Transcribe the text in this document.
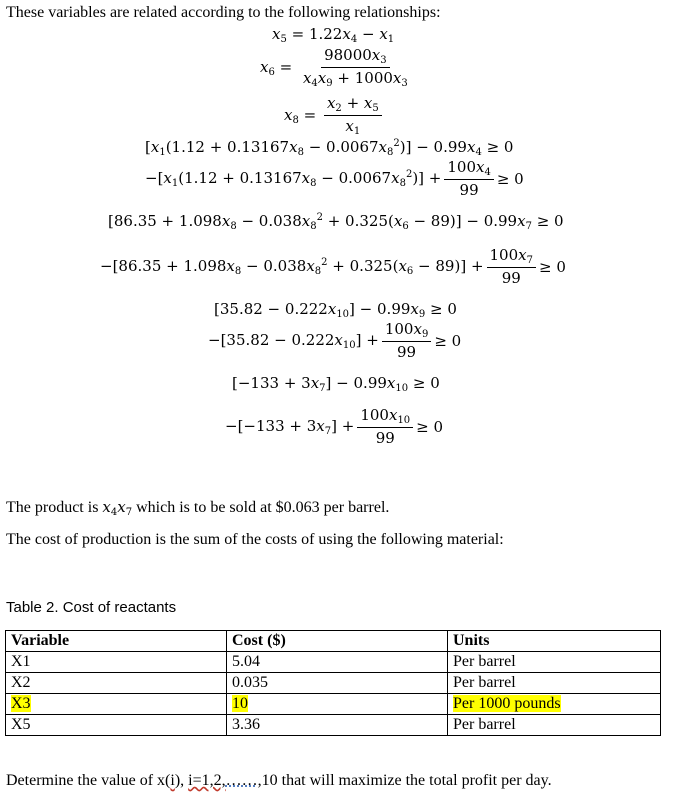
These variables are related according to the following relationships:
$x_5 = 1.22x_4 - x_1$
$x_6 = \frac{98000x_3}{x_4x_9 + 1000x_3}$
$x_8 = \frac{x_2 + x_5}{x_1}$
$[x_1(1.12 + 0.13167x_8 - 0.0067x_8^2)] - 0.99x_4 \ge 0$
$-[x_1(1.12 + 0.13167x_8 - 0.0067x_8^2)] + \frac{100x_4}{99} \ge 0$
$[86.35 + 1.098x_8 - 0.038x_8^2 + 0.325(x_6 - 89)] - 0.99x_7 \ge 0$
$-[86.35 + 1.098x_8 - 0.038x_8^2 + 0.325(x_6 - 89)] + \frac{100x_7}{99} \ge 0$
$[35.82 - 0.222x_{10}] - 0.99x_9 \ge 0$
$-[35.82 - 0.222x_{10}] + \frac{100x_9}{99} \ge 0$
$[-133 + 3x_7] - 0.99x_{10} \ge 0$
$-[-133 + 3x_7] + \frac{100x_{10}}{99} \ge 0$
The product is $x_4x_7$ which is to be sold at $0.063 per barrel.
The cost of production is the sum of the costs of using the following material:
Table 2. Cost of reactants
Variable	Cost ($)	Units
X1	5.04	Per barrel
X2	0.035	Per barrel
X3	10	Per 1000 pounds
X5	3.36	Per barrel
Determine the value of x(i), i=1,2,……,10 that will maximize the total profit per day.
